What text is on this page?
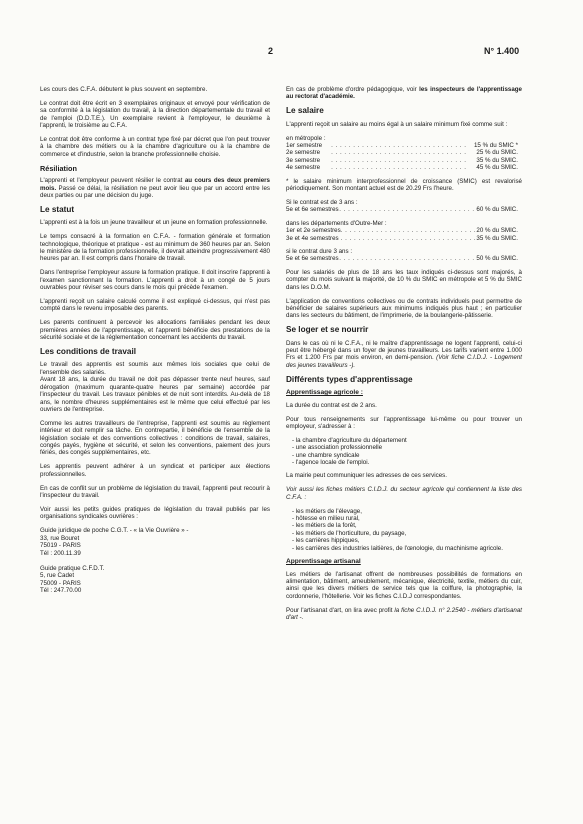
2	N° 1.400

Les cours des C.F.A. débutent le plus souvent en septembre.

Le contrat doit être écrit en 3 exemplaires originaux et envoyé pour vérification de sa conformité à la législation du travail, à la direction départementale du travail et de l'emploi (D.D.T.E.). Un exemplaire revient à l'employeur, le deuxième à l'apprenti, le troisième au C.F.A.

Le contrat doit être conforme à un contrat type fixé par décret que l'on peut trouver à la chambre des métiers ou à la chambre d'agriculture ou à la chambre de commerce et d'industrie, selon la branche professionnelle choisie.

Résiliation

L'apprenti et l'employeur peuvent résilier le contrat au cours des deux premiers mois. Passé ce délai, la résiliation ne peut avoir lieu que par un accord entre les deux parties ou par une décision du juge.

Le statut

L'apprenti est à la fois un jeune travailleur et un jeune en formation professionnelle.

Le temps consacré à la formation en C.F.A. - formation générale et formation technologique, théorique et pratique - est au minimum de 360 heures par an. Selon le ministère de la formation professionnelle, il devrait atteindre progressivement 480 heures par an. Il est compris dans l'horaire de travail.

Dans l'entreprise l'employeur assure la formation pratique. Il doit inscrire l'apprenti à l'examen sanctionnant la formation. L'apprenti a droit à un congé de 5 jours ouvrables pour réviser ses cours dans le mois qui précède l'examen.

L'apprenti reçoit un salaire calculé comme il est expliqué ci-dessus, qui n'est pas compté dans le revenu imposable des parents.

Les parents continuent à percevoir les allocations familiales pendant les deux premières années de l'apprentissage, et l'apprenti bénéficie des prestations de la sécurité sociale et de la réglementation concernant les accidents du travail.

Les conditions de travail

Le travail des apprentis est soumis aux mêmes lois sociales que celui de l'ensemble des salariés.
Avant 18 ans, la durée du travail ne doit pas dépasser trente neuf heures, sauf dérogation (maximum quarante-quatre heures par semaine) accordée par l'inspecteur du travail. Les travaux pénibles et de nuit sont interdits. Au-delà de 18 ans, le nombre d'heures supplémentaires est le même que celui effectué par les ouvriers de l'entreprise.

Comme les autres travailleurs de l'entreprise, l'apprenti est soumis au règlement intérieur et doit remplir sa tâche. En contrepartie, il bénéficie de l'ensemble de la législation sociale et des conventions collectives : conditions de travail, salaires, congés payés, hygiène et sécurité, et selon les conventions, paiement des jours fériés, des congés supplémentaires, etc.

Les apprentis peuvent adhérer à un syndicat et participer aux élections professionnelles.

En cas de conflit sur un problème de législation du travail, l'apprenti peut recourir à l'inspecteur du travail.

Voir aussi les petits guides pratiques de législation du travail publiés par les organisations syndicales ouvrières :

Guide juridique de poche C.G.T. - « la Vie Ouvrière » -
33, rue Bouret
75019 - PARIS
Tél : 200.11.39
Guide pratique C.F.D.T.
5, rue Cadet
75009 - PARIS
Tél : 247.70.00

En cas de problème d'ordre pédagogique, voir les inspecteurs de l'apprentissage au rectorat d'académie.

Le salaire

L'apprenti reçoit un salaire au moins égal à un salaire minimum fixé comme suit :

en métropole :
1er semestre	. . . . . . . . . . . . . . . . . . . . . . . . . . . . . . .	15 % du SMIC *
2e semestre	. . . . . . . . . . . . . . . . . . . . . . . . . . . . . . .	25 % du SMIC.
3e semestre	. . . . . . . . . . . . . . . . . . . . . . . . . . . . . . .	35 % du SMIC.
4e semestre	. . . . . . . . . . . . . . . . . . . . . . . . . . . . . . .	45 % du SMIC.

* le salaire minimum interprofessionnel de croissance (SMIC) est revalorisé périodiquement. Son montant actuel est de 20.29 Frs l'heure.

Si le contrat est de 3 ans :
5e et 6e semestres	. . . . . . . . . . . . . . . . . . . . . . . . . . . . . . .	60 % du SMIC.
dans les départements d'Outre-Mer :
1er et 2e semestres	. . . . . . . . . . . . . . . . . . . . . . . . . . . . . . .	20 % du SMIC.
3e et 4e semestres	. . . . . . . . . . . . . . . . . . . . . . . . . . . . . . .	35 % du SMIC.
si le contrat dure 3 ans :
5e et 6e semestres	. . . . . . . . . . . . . . . . . . . . . . . . . . . . . . .	50 % du SMIC.

Pour les salariés de plus de 18 ans les taux indiqués ci-dessus sont majorés, à compter du mois suivant la majorité, de 10 % du SMIC en métropole et 5 % du SMIC dans les D.O.M.

L'application de conventions collectives ou de contrats individuels peut permettre de bénéficier de salaires supérieurs aux minimums indiqués plus haut ; en particulier dans les secteurs du bâtiment, de l'imprimerie, de la boulangerie-pâtisserie.

Se loger et se nourrir

Dans le cas où ni le C.F.A., ni le maître d'apprentissage ne logent l'apprenti, celui-ci peut être hébergé dans un foyer de jeunes travailleurs. Les tarifs varient entre 1.000 Frs et 1.200 Frs par mois environ, en demi-pension. (Voir fiche C.I.D.J. - Logement des jeunes travailleurs -).

Différents types d'apprentissage
Apprentissage agricole :

La durée du contrat est de 2 ans.

Pour tous renseignements sur l'apprentissage lui-même ou pour trouver un employeur, s'adresser à :

- la chambre d'agriculture du département
- une association professionnelle
- une chambre syndicale
- l'agence locale de l'emploi.

La mairie peut communiquer les adresses de ces services.

Voir aussi les fiches métiers C.I.D.J. du secteur agricole qui contiennent la liste des C.F.A. :

- les métiers de l'élevage,
- hôtesse en milieu rural,
- les métiers de la forêt,
- les métiers de l'horticulture, du paysage,
- les carrières hippiques,
- les carrières des industries laitières, de l'œnologie, du machinisme agricole.
Apprentissage artisanal

Les métiers de l'artisanat offrent de nombreuses possibilités de formations en alimentation, bâtiment, ameublement, mécanique, électricité, textile, métiers du cuir, ainsi que les divers métiers de service tels que la coiffure, la photographie, la cordonnerie, l'hôtellerie. Voir les fiches C.I.D.J correspondantes.

Pour l'artisanat d'art, on lira avec profit la fiche C.I.D.J. n° 2.2540 - métiers d'artisanat d'art -.
